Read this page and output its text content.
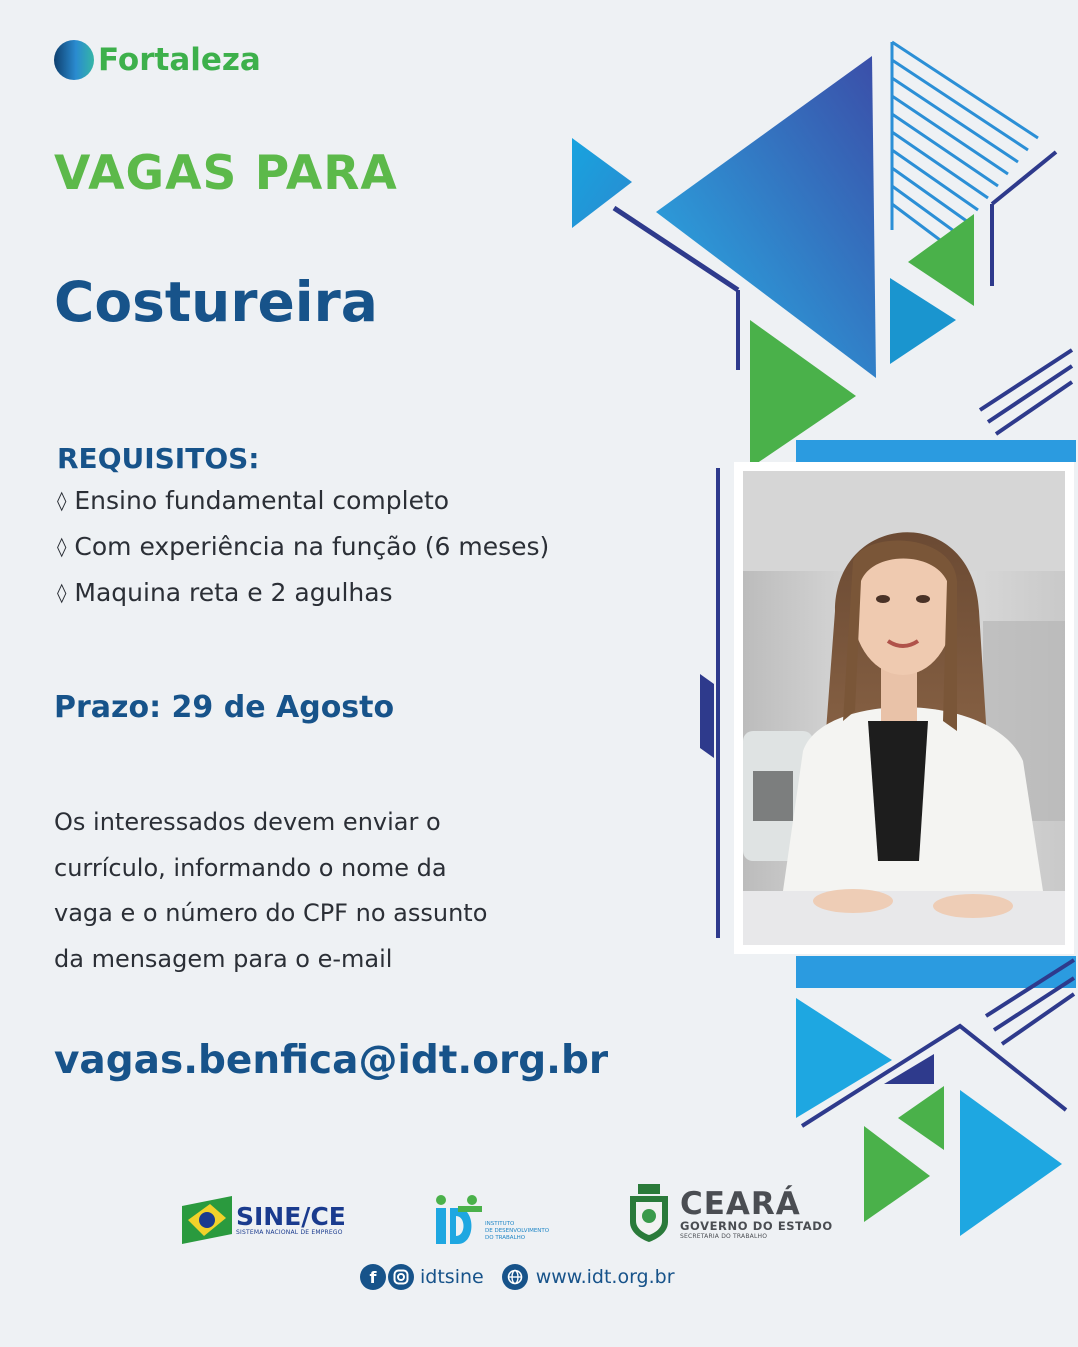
Fortaleza
VAGAS PARA
Costureira
REQUISITOS:
◊ Ensino fundamental completo
◊ Com experiência na função (6 meses)
◊ Maquina reta e 2 agulhas
Prazo: 29 de Agosto
Os interessados devem enviar o
currículo, informando o nome da
vaga e o número do CPF no assunto
da mensagem para o e-mail
vagas.benfica@idt.org.br
SINE/CE
SISTEMA NACIONAL DE EMPREGO
INSTITUTO
DE DESENVOLVIMENTO
DO TRABALHO
CEARÁ
GOVERNO DO ESTADO
SECRETARIA DO TRABALHO
f	idtsine	www.idt.org.br
